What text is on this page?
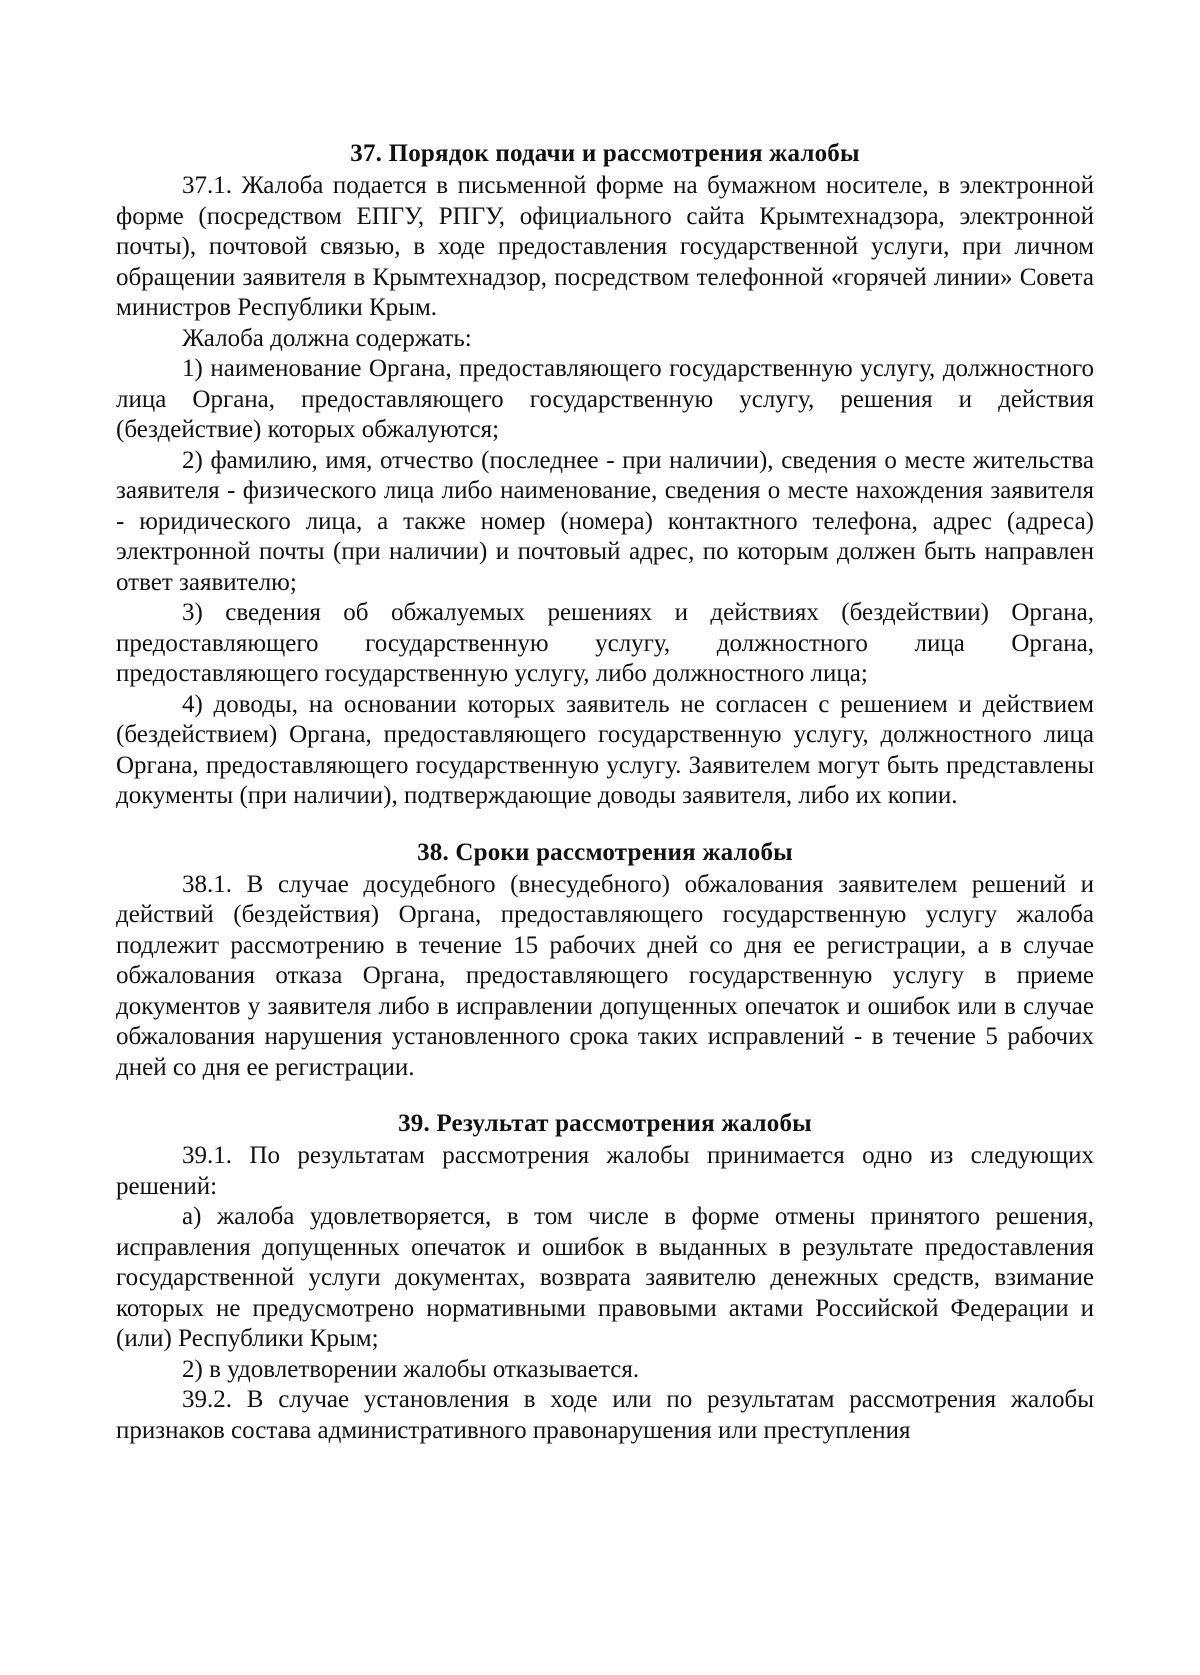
37. Порядок подачи и рассмотрения жалобы

37.1. Жалоба подается в письменной форме на бумажном носителе, в электронной форме (посредством ЕПГУ, РПГУ, официального сайта Крымтехнадзора, электронной почты), почтовой связью, в ходе предоставления государственной услуги, при личном обращении заявителя в Крымтехнадзор, посредством телефонной «горячей линии» Совета министров Республики Крым.

Жалоба должна содержать:

1) наименование Органа, предоставляющего государственную услугу, должностного лица Органа, предоставляющего государственную услугу, решения и действия (бездействие) которых обжалуются;

2) фамилию, имя, отчество (последнее - при наличии), сведения о месте жительства заявителя - физического лица либо наименование, сведения о месте нахождения заявителя - юридического лица, а также номер (номера) контактного телефона, адрес (адреса) электронной почты (при наличии) и почтовый адрес, по которым должен быть направлен ответ заявителю;

3) сведения об обжалуемых решениях и действиях (бездействии) Органа, предоставляющего государственную услугу, должностного лица Органа, предоставляющего государственную услугу, либо должностного лица;

4) доводы, на основании которых заявитель не согласен с решением и действием (бездействием) Органа, предоставляющего государственную услугу, должностного лица Органа, предоставляющего государственную услугу. Заявителем могут быть представлены документы (при наличии), подтверждающие доводы заявителя, либо их копии.

38. Сроки рассмотрения жалобы

38.1. В случае досудебного (внесудебного) обжалования заявителем решений и действий (бездействия) Органа, предоставляющего государственную услугу жалоба подлежит рассмотрению в течение 15 рабочих дней со дня ее регистрации, а в случае обжалования отказа Органа, предоставляющего государственную услугу в приеме документов у заявителя либо в исправлении допущенных опечаток и ошибок или в случае обжалования нарушения установленного срока таких исправлений - в течение 5 рабочих дней со дня ее регистрации.

39. Результат рассмотрения жалобы

39.1. По результатам рассмотрения жалобы принимается одно из следующих решений:

а) жалоба удовлетворяется, в том числе в форме отмены принятого решения, исправления допущенных опечаток и ошибок в выданных в результате предоставления государственной услуги документах, возврата заявителю денежных средств, взимание которых не предусмотрено нормативными правовыми актами Российской Федерации и (или) Республики Крым;

2) в удовлетворении жалобы отказывается.

39.2. В случае установления в ходе или по результатам рассмотрения жалобы признаков состава административного правонарушения или преступления
